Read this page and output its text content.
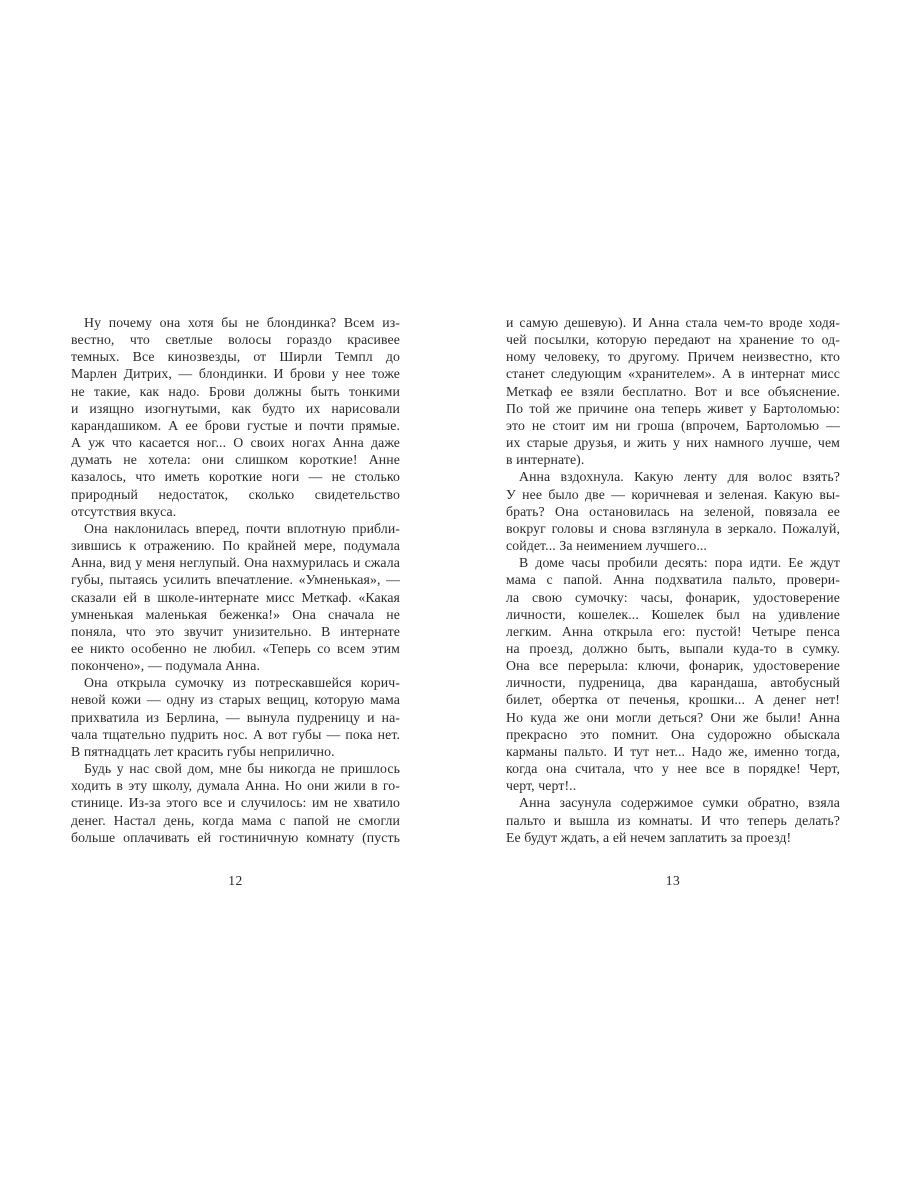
Ну почему она хотя бы не блондинка? Всем из-
вестно, что светлые волосы гораздо красивее
темных. Все кинозвезды, от Ширли Темпл до
Марлен Дитрих, — блондинки. И брови у нее тоже
не такие, как надо. Брови должны быть тонкими
и изящно изогнутыми, как будто их нарисовали
карандашиком. А ее брови густые и почти прямые.
А уж что касается ног... О своих ногах Анна даже
думать не хотела: они слишком короткие! Анне
казалось, что иметь короткие ноги — не столько
природный недостаток, сколько свидетельство
отсутствия вкуса.
Она наклонилась вперед, почти вплотную прибли-
зившись к отражению. По крайней мере, подумала
Анна, вид у меня неглупый. Она нахмурилась и сжала
губы, пытаясь усилить впечатление. «Умненькая», —
сказали ей в школе-интернате мисс Меткаф. «Какая
умненькая маленькая беженка!» Она сначала не
поняла, что это звучит унизительно. В интернате
ее никто особенно не любил. «Теперь со всем этим
покончено», — подумала Анна.
Она открыла сумочку из потрескавшейся корич-
невой кожи — одну из старых вещиц, которую мама
прихватила из Берлина, — вынула пудреницу и на-
чала тщательно пудрить нос. А вот губы — пока нет.
В пятнадцать лет красить губы неприлично.
Будь у нас свой дом, мне бы никогда не пришлось
ходить в эту школу, думала Анна. Но они жили в го-
стинице. Из-за этого все и случилось: им не хватило
денег. Настал день, когда мама с папой не смогли
больше оплачивать ей гостиничную комнату (пусть
12
и самую дешевую). И Анна стала чем-то вроде ходя-
чей посылки, которую передают на хранение то од-
ному человеку, то другому. Причем неизвестно, кто
станет следующим «хранителем». А в интернат мисс
Меткаф ее взяли бесплатно. Вот и все объяснение.
По той же причине она теперь живет у Бартоломью:
это не стоит им ни гроша (впрочем, Бартоломью —
их старые друзья, и жить у них намного лучше, чем
в интернате).
Анна вздохнула. Какую ленту для волос взять?
У нее было две — коричневая и зеленая. Какую вы-
брать? Она остановилась на зеленой, повязала ее
вокруг головы и снова взглянула в зеркало. Пожалуй,
сойдет... За неимением лучшего...
В доме часы пробили десять: пора идти. Ее ждут
мама с папой. Анна подхватила пальто, провери-
ла свою сумочку: часы, фонарик, удостоверение
личности, кошелек... Кошелек был на удивление
легким. Анна открыла его: пустой! Четыре пенса
на проезд, должно быть, выпали куда-то в сумку.
Она все перерыла: ключи, фонарик, удостоверение
личности, пудреница, два карандаша, автобусный
билет, обертка от печенья, крошки... А денег нет!
Но куда же они могли деться? Они же были! Анна
прекрасно это помнит. Она судорожно обыскала
карманы пальто. И тут нет... Надо же, именно тогда,
когда она считала, что у нее все в порядке! Черт,
черт, черт!..
Анна засунула содержимое сумки обратно, взяла
пальто и вышла из комнаты. И что теперь делать?
Ее будут ждать, а ей нечем заплатить за проезд!
13
